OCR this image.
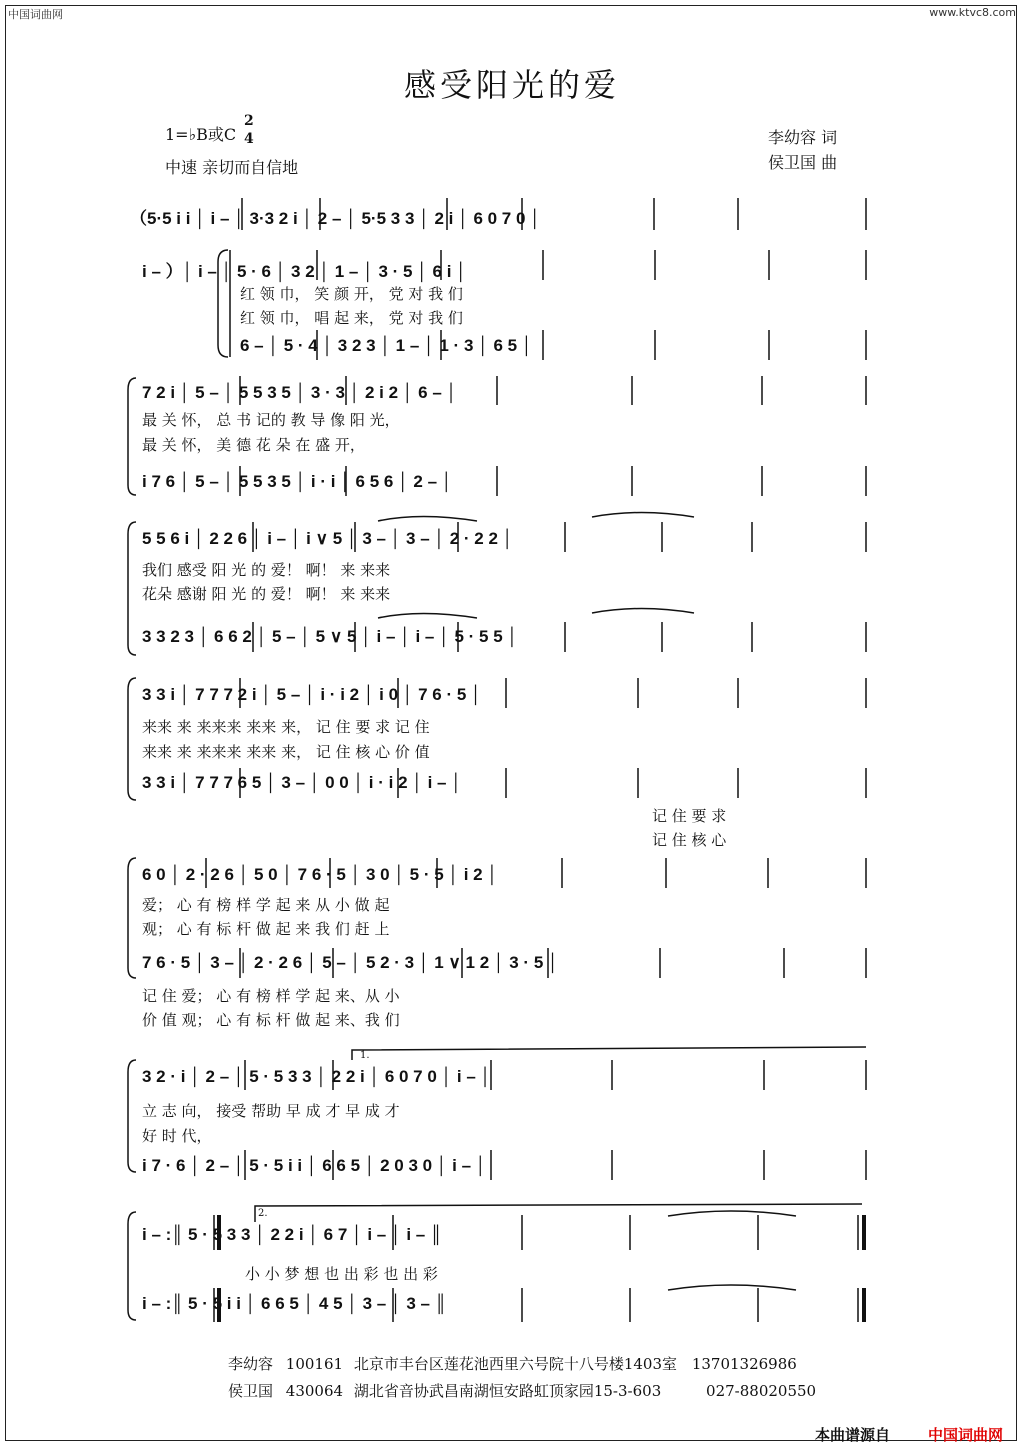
中国词曲网	www.ktvc8.com
感受阳光的爱
1=♭B或C
2
4
中速 亲切而自信地
李幼容 词
侯卫国 曲
（5·5 i i │ i – │ 3·3 2 i │ 2 – │ 5·5 3 3 │ 2 i │ 6 0 7 0 │
i – ）│ i – │ 5 · 6 │ 3 2 │ 1 – │ 3 · 5 │ 6 i │
红 领 巾， 笑 颜 开， 党 对 我 们
红 领 巾， 唱 起 来， 党 对 我 们
6 – │ 5 · 4 │ 3 2 3 │ 1 – │ 1 · 3 │ 6 5 │
7 2 i │ 5 – │ 5 5 3 5 │ 3 · 3 │ 2 i 2 │ 6 – │
最 关 怀， 总 书 记的 教 导 像 阳 光，
最 关 怀， 美 德 花 朵 在 盛 开，
i 7 6 │ 5 – │ 5 5 3 5 │ i · i │ 6 5 6 │ 2 – │
5 5 6 i │ 2 2 6 │ i – │ i ∨ 5 │ 3 – │ 3 – │ 2 · 2 2 │
我们 感受 阳 光 的 爱！ 啊！ 来 来来
花朵 感谢 阳 光 的 爱！ 啊！ 来 来来
3 3 2 3 │ 6 6 2 │ 5 – │ 5 ∨ 5 │ i – │ i – │ 5 · 5 5 │
3 3 i │ 7 7 7 2 i │ 5 – │ i · i 2 │ i 0 │ 7 6 · 5 │
来来 来 来来来 来来 来， 记 住 要 求 记 住
来来 来 来来来 来来 来， 记 住 核 心 价 值
3 3 i │ 7 7 7 6 5 │ 3 – │ 0 0 │ i · i 2 │ i – │
记 住 要 求
记 住 核 心
6 0 │ 2 · 2 6 │ 5 0 │ 7 6 · 5 │ 3 0 │ 5 · 5 │ i 2 │
爱； 心 有 榜 样 学 起 来 从 小 做 起
观； 心 有 标 杆 做 起 来 我 们 赶 上
7 6 · 5 │ 3 – │ 2 · 2 6 │ 5 – │ 5 2 · 3 │ 1 ∨ 1 2 │ 3 · 5 │
记 住 爱； 心 有 榜 样 学 起 来、从 小
价 值 观； 心 有 标 杆 做 起 来、我 们
3 2 · i │ 2 – │ 5 · 5 3 3 │ 2 2 i │ 6 0 7 0 │ i – │
立 志 向， 接受 帮助 早 成 才 早 成 才
好 时 代，
i 7 · 6 │ 2 – │ 5 · 5 i i │ 6 6 5 │ 2 0 3 0 │ i – │
i – :║ 5 · 5 3 3 │ 2 2 i │ 6 7 │ i – │ i – ║
小 小 梦 想 也 出 彩 也 出 彩
i – :║ 5 · 5 i i │ 6 6 5 │ 4 5 │ 3 – │ 3 – ║
1.
2.
李幼容 100161 北京市丰台区莲花池西里六号院十八号楼1403室 13701326986
侯卫国 430064 湖北省音协武昌南湖恒安路虹顶家园15-3-603	027-88020550
本曲谱源自	中国词曲网
